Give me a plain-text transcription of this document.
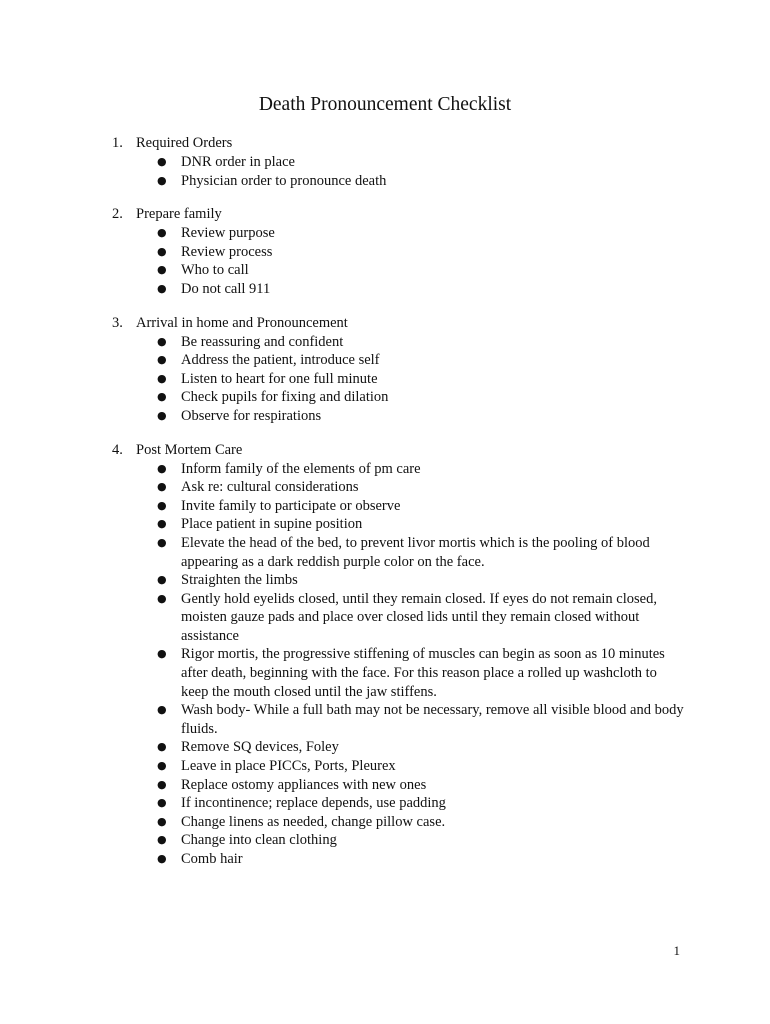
Death Pronouncement Checklist
1. Required Orders
● DNR order in place
● Physician order to pronounce death
2. Prepare family
● Review purpose
● Review process
● Who to call
● Do not call 911
3. Arrival in home and Pronouncement
● Be reassuring and confident
● Address the patient, introduce self
● Listen to heart for one full minute
● Check pupils for fixing and dilation
● Observe for respirations
4. Post Mortem Care
● Inform family of the elements of pm care
● Ask re: cultural considerations
● Invite family to participate or observe
● Place patient in supine position
● Elevate the head of the bed, to prevent livor mortis which is the pooling of blood appearing as a dark reddish purple color on the face.
● Straighten the limbs
● Gently hold eyelids closed, until they remain closed. If eyes do not remain closed, moisten gauze pads and place over closed lids until they remain closed without assistance
● Rigor mortis, the progressive stiffening of muscles can begin as soon as 10 minutes after death, beginning with the face. For this reason place a rolled up washcloth to keep the mouth closed until the jaw stiffens.
● Wash body- While a full bath may not be necessary, remove all visible blood and body fluids.
● Remove SQ devices, Foley
● Leave in place PICCs, Ports, Pleurex
● Replace ostomy appliances with new ones
● If incontinence; replace depends, use padding
● Change linens as needed, change pillow case.
● Change into clean clothing
● Comb hair
1
